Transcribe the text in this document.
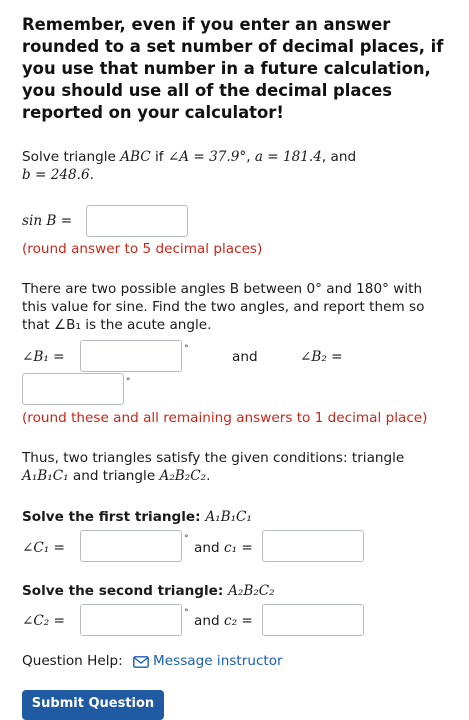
Remember, even if you enter an answer rounded to a set number of decimal places, if you use that number in a future calculation, you should use all of the decimal places reported on your calculator!
Solve triangle ABC if ∠A = 37.9°, a = 181.4, and
b = 248.6.
sin B =
(round answer to 5 decimal places)
There are two possible angles B between 0° and 180° with this value for sine. Find the two angles, and report them so that ∠B₁ is the acute angle.
∠B₁ =	°	and	∠B₂ =
°
(round these and all remaining answers to 1 decimal place)
Thus, two triangles satisfy the given conditions: triangle
A₁B₁C₁ and triangle A₂B₂C₂.
Solve the first triangle: A₁B₁C₁
∠C₁ =
°
and c₁ =
Solve the second triangle: A₂B₂C₂
∠C₂ =	° and c₂ =
Question Help: Message instructor
Submit Question
